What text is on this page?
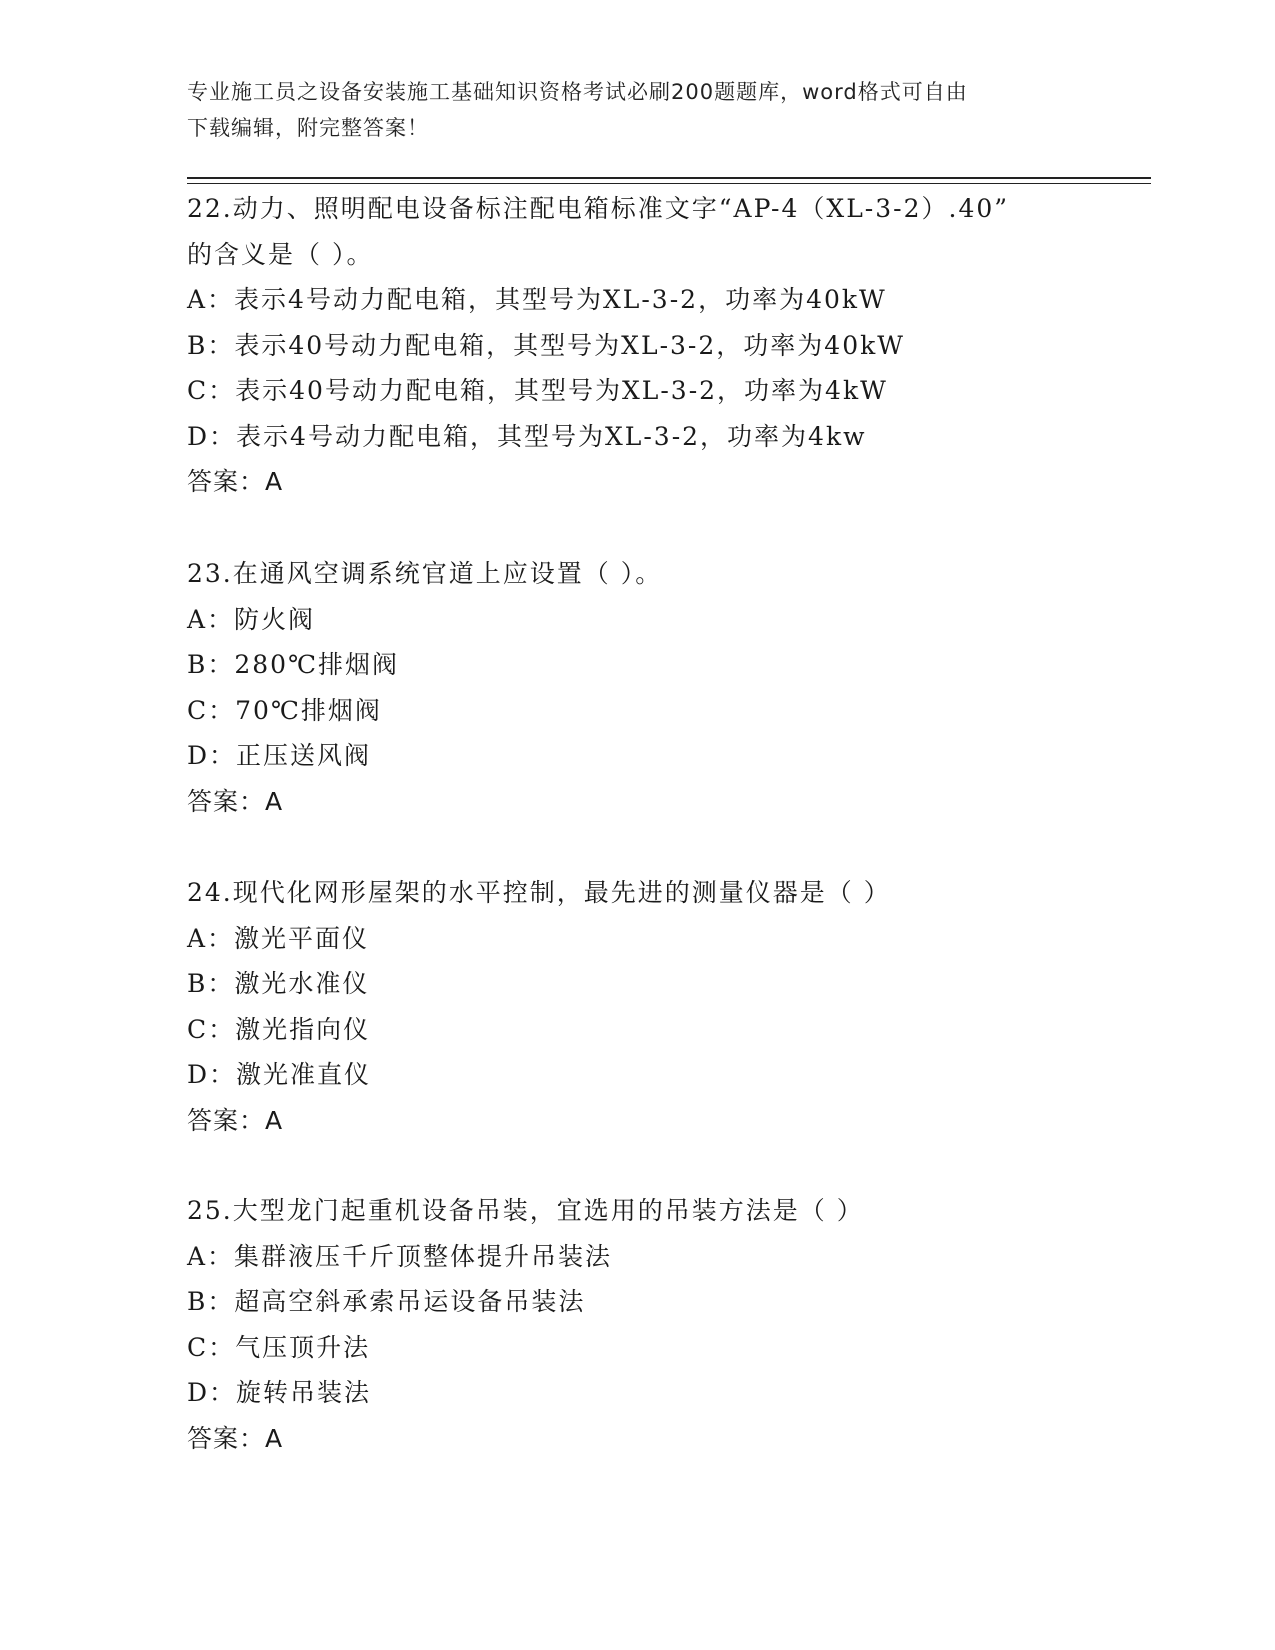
专业施工员之设备安装施工基础知识资格考试必刷200题题库，word格式可自由
下载编辑，附完整答案！
22.动力、照明配电设备标注配电箱标准文字“AP-4（XL-3-2）.40”
的含义是（ ）。
A：表示4号动力配电箱，其型号为XL-3-2，功率为40kW
B：表示40号动力配电箱，其型号为XL-3-2，功率为40kW
C：表示40号动力配电箱，其型号为XL-3-2，功率为4kW
D：表示4号动力配电箱，其型号为XL-3-2，功率为4kw
答案：A
23.在通风空调系统官道上应设置（ ）。
A：防火阀
B：280℃排烟阀
C：70℃排烟阀
D：正压送风阀
答案：A
24.现代化网形屋架的水平控制，最先进的测量仪器是（ ）
A：激光平面仪
B：激光水准仪
C：激光指向仪
D：激光准直仪
答案：A
25.大型龙门起重机设备吊装，宜选用的吊装方法是（ ）
A：集群液压千斤顶整体提升吊装法
B：超高空斜承索吊运设备吊装法
C：气压顶升法
D：旋转吊装法
答案：A
